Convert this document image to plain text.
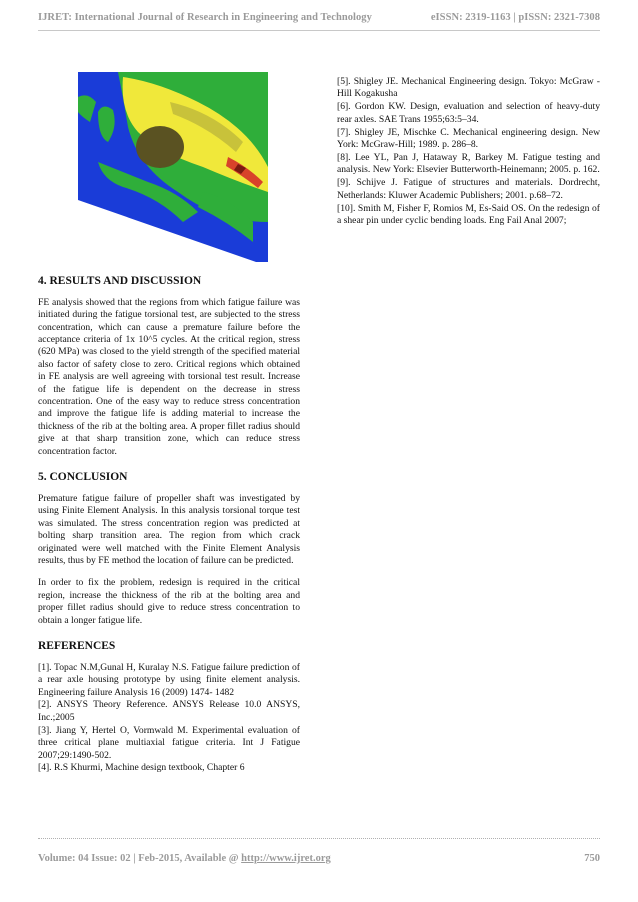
IJRET: International Journal of Research in Engineering and Technology	eISSN: 2319-1163 | pISSN: 2321-7308
4. RESULTS AND DISCUSSION

FE analysis showed that the regions from which fatigue failure was initiated during the fatigue torsional test, are subjected to the stress concentration, which can cause a premature failure before the acceptance criteria of 1x 10^5 cycles. At the critical region, stress (620 MPa) was closed to the yield strength of the specified material also factor of safety close to zero. Critical regions which obtained in FE analysis are well agreeing with torsional test result. Increase of the fatigue life is dependent on the decrease in stress concentration. One of the easy way to reduce stress concentration and improve the fatigue life is adding material to increase the thickness of the rib at the bolting area. A proper fillet radius should give at that sharp transition zone, which can reduce stress concentration factor.

5. CONCLUSION

Premature fatigue failure of propeller shaft was investigated by using Finite Element Analysis. In this analysis torsional torque test was simulated. The stress concentration region was predicted at bolting sharp transition area. The region from which crack originated were well matched with the Finite Element Analysis results, thus by FE method the location of failure can be predicted.

In order to fix the problem, redesign is required in the critical region, increase the thickness of the rib at the bolting area and proper fillet radius should give to reduce stress concentration to obtain a longer fatigue life.

REFERENCES
[1]. Topac N.M,Gunal H, Kuralay N.S. Fatigue failure prediction of a rear axle housing prototype by using finite element analysis. Engineering failure Analysis 16 (2009) 1474- 1482
[2]. ANSYS Theory Reference. ANSYS Release 10.0 ANSYS, Inc.;2005
[3]. Jiang Y, Hertel O, Vormwald M. Experimental evaluation of three critical plane multiaxial fatigue criteria. Int J Fatigue 2007;29:1490-502.
[4]. R.S Khurmi, Machine design textbook, Chapter 6
[5]. Shigley JE. Mechanical Engineering design. Tokyo: McGraw -Hill Kogakusha
[6]. Gordon KW. Design, evaluation and selection of heavy-duty rear axles. SAE Trans 1955;63:5–34.
[7]. Shigley JE, Mischke C. Mechanical engineering design. New York: McGraw-Hill; 1989. p. 286–8.
[8]. Lee YL, Pan J, Hataway R, Barkey M. Fatigue testing and analysis. New York: Elsevier Butterworth-Heinemann; 2005. p. 162.
[9]. Schijve J. Fatigue of structures and materials. Dordrecht, Netherlands: Kluwer Academic Publishers; 2001. p.68–72.
[10]. Smith M, Fisher F, Romios M, Es-Said OS. On the redesign of a shear pin under cyclic bending loads. Eng Fail Anal 2007;
Volume: 04 Issue: 02 | Feb-2015, Available @ http://www.ijret.org	750
